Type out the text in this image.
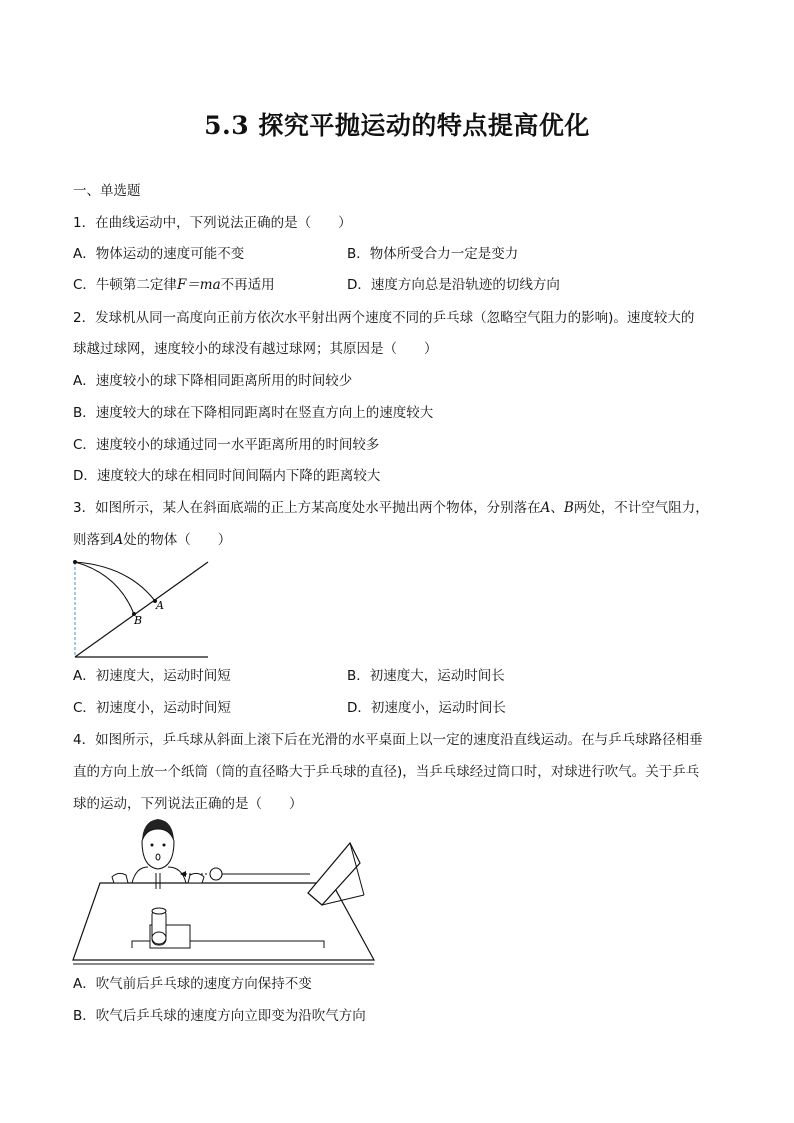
5.3 探究平抛运动的特点提高优化
一、单选题
1．在曲线运动中，下列说法正确的是（　　）
A．物体运动的速度可能不变	B．物体所受合力一定是变力
C．牛顿第二定律F＝ma不再适用	D．速度方向总是沿轨迹的切线方向
2．发球机从同一高度向正前方依次水平射出两个速度不同的乒乓球（忽略空气阻力的影响)。速度较大的
球越过球网，速度较小的球没有越过球网；其原因是（　　）
A．速度较小的球下降相同距离所用的时间较少
B．速度较大的球在下降相同距离时在竖直方向上的速度较大
C．速度较小的球通过同一水平距离所用的时间较多
D．速度较大的球在相同时间间隔内下降的距离较大
3．如图所示，某人在斜面底端的正上方某高度处水平抛出两个物体，分别落在A、B两处，不计空气阻力，
则落到A处的物体（　　）
A
B
A．初速度大，运动时间短	B．初速度大，运动时间长
C．初速度小，运动时间短	D．初速度小，运动时间长
4．如图所示，乒乓球从斜面上滚下后在光滑的水平桌面上以一定的速度沿直线运动。在与乒乓球路径相垂
直的方向上放一个纸筒（筒的直径略大于乒乓球的直径)，当乒乓球经过筒口时，对球进行吹气。关于乒乓
球的运动，下列说法正确的是（　　）
A．吹气前后乒乓球的速度方向保持不变
B．吹气后乒乓球的速度方向立即变为沿吹气方向
